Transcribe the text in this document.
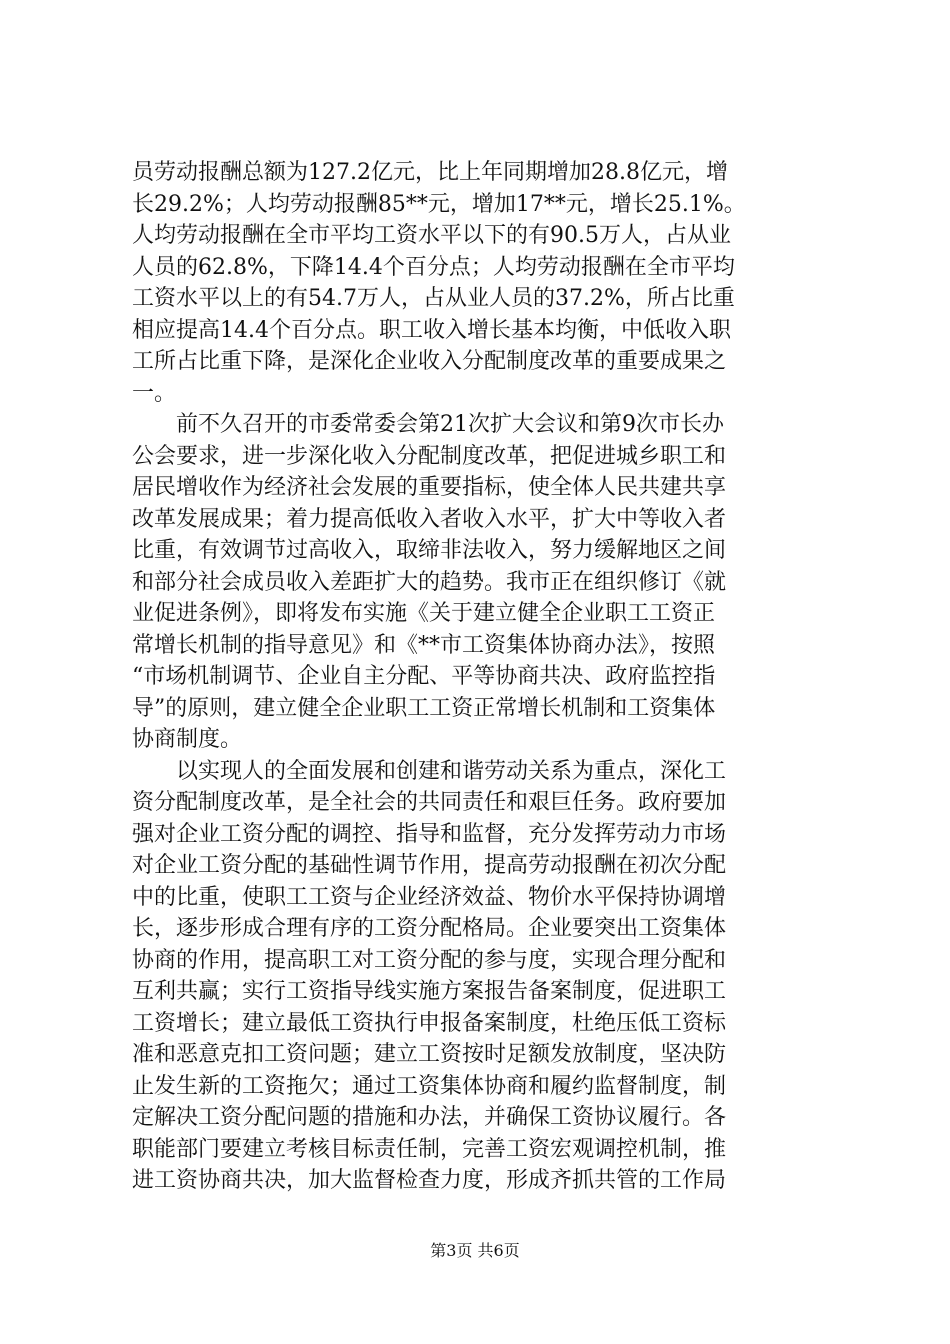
员劳动报酬总额为127.2亿元，比上年同期增加28.8亿元，增
长29.2%；人均劳动报酬85**元，增加17**元，增长25.1%。
人均劳动报酬在全市平均工资水平以下的有90.5万人，占从业
人员的62.8%，下降14.4个百分点；人均劳动报酬在全市平均
工资水平以上的有54.7万人，占从业人员的37.2%，所占比重
相应提高14.4个百分点。职工收入增长基本均衡，中低收入职
工所占比重下降，是深化企业收入分配制度改革的重要成果之
一。
　　前不久召开的市委常委会第21次扩大会议和第9次市长办
公会要求，进一步深化收入分配制度改革，把促进城乡职工和
居民增收作为经济社会发展的重要指标，使全体人民共建共享
改革发展成果；着力提高低收入者收入水平，扩大中等收入者
比重，有效调节过高收入，取缔非法收入，努力缓解地区之间
和部分社会成员收入差距扩大的趋势。我市正在组织修订《就
业促进条例》，即将发布实施《关于建立健全企业职工工资正
常增长机制的指导意见》和《**市工资集体协商办法》，按照
“市场机制调节、企业自主分配、平等协商共决、政府监控指
导”的原则，建立健全企业职工工资正常增长机制和工资集体
协商制度。
　　以实现人的全面发展和创建和谐劳动关系为重点，深化工
资分配制度改革，是全社会的共同责任和艰巨任务。政府要加
强对企业工资分配的调控、指导和监督，充分发挥劳动力市场
对企业工资分配的基础性调节作用，提高劳动报酬在初次分配
中的比重，使职工工资与企业经济效益、物价水平保持协调增
长，逐步形成合理有序的工资分配格局。企业要突出工资集体
协商的作用，提高职工对工资分配的参与度，实现合理分配和
互利共赢；实行工资指导线实施方案报告备案制度，促进职工
工资增长；建立最低工资执行申报备案制度，杜绝压低工资标
准和恶意克扣工资问题；建立工资按时足额发放制度，坚决防
止发生新的工资拖欠；通过工资集体协商和履约监督制度，制
定解决工资分配问题的措施和办法，并确保工资协议履行。各
职能部门要建立考核目标责任制，完善工资宏观调控机制，推
进工资协商共决，加大监督检查力度，形成齐抓共管的工作局
第3页 共6页
